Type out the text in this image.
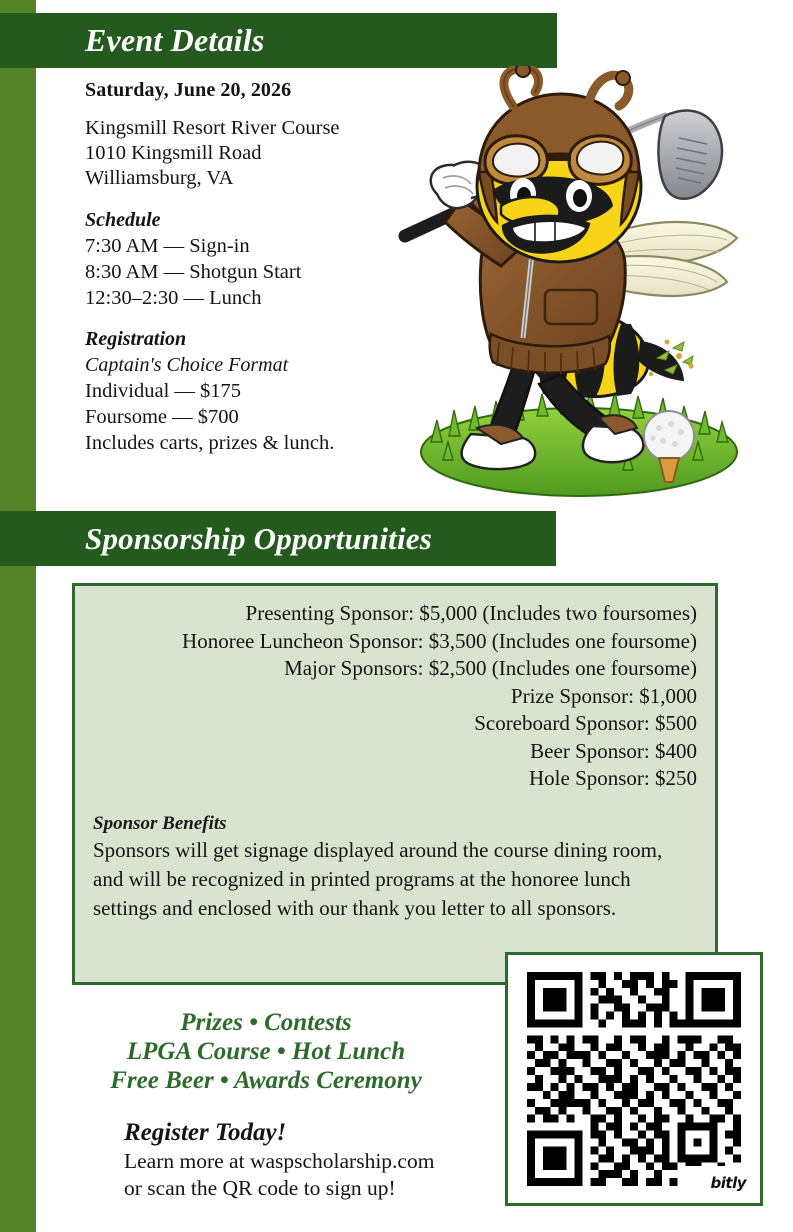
Event Details
Saturday, June 20, 2026
Kingsmill Resort River Course
1010 Kingsmill Road
Williamsburg, VA
Schedule
7:30 AM — Sign-in
8:30 AM — Shotgun Start
12:30–2:30 — Lunch
Registration
Captain's Choice Format
Individual — $175
Foursome — $700
Includes carts, prizes & lunch.
Sponsorship Opportunities
Presenting Sponsor: $5,000 (Includes two foursomes)
Honoree Luncheon Sponsor: $3,500 (Includes one foursome)
Major Sponsors: $2,500 (Includes one foursome)
Prize Sponsor: $1,000
Scoreboard Sponsor: $500
Beer Sponsor: $400
Hole Sponsor: $250
Sponsor Benefits
Sponsors will get signage displayed around the course dining room, and will be recognized in printed programs at the honoree lunch settings and enclosed with our thank you letter to all sponsors.
Prizes • Contests
LPGA Course • Hot Lunch
Free Beer • Awards Ceremony
Register Today!
Learn more at waspscholarship.com
or scan the QR code to sign up!	bitly
